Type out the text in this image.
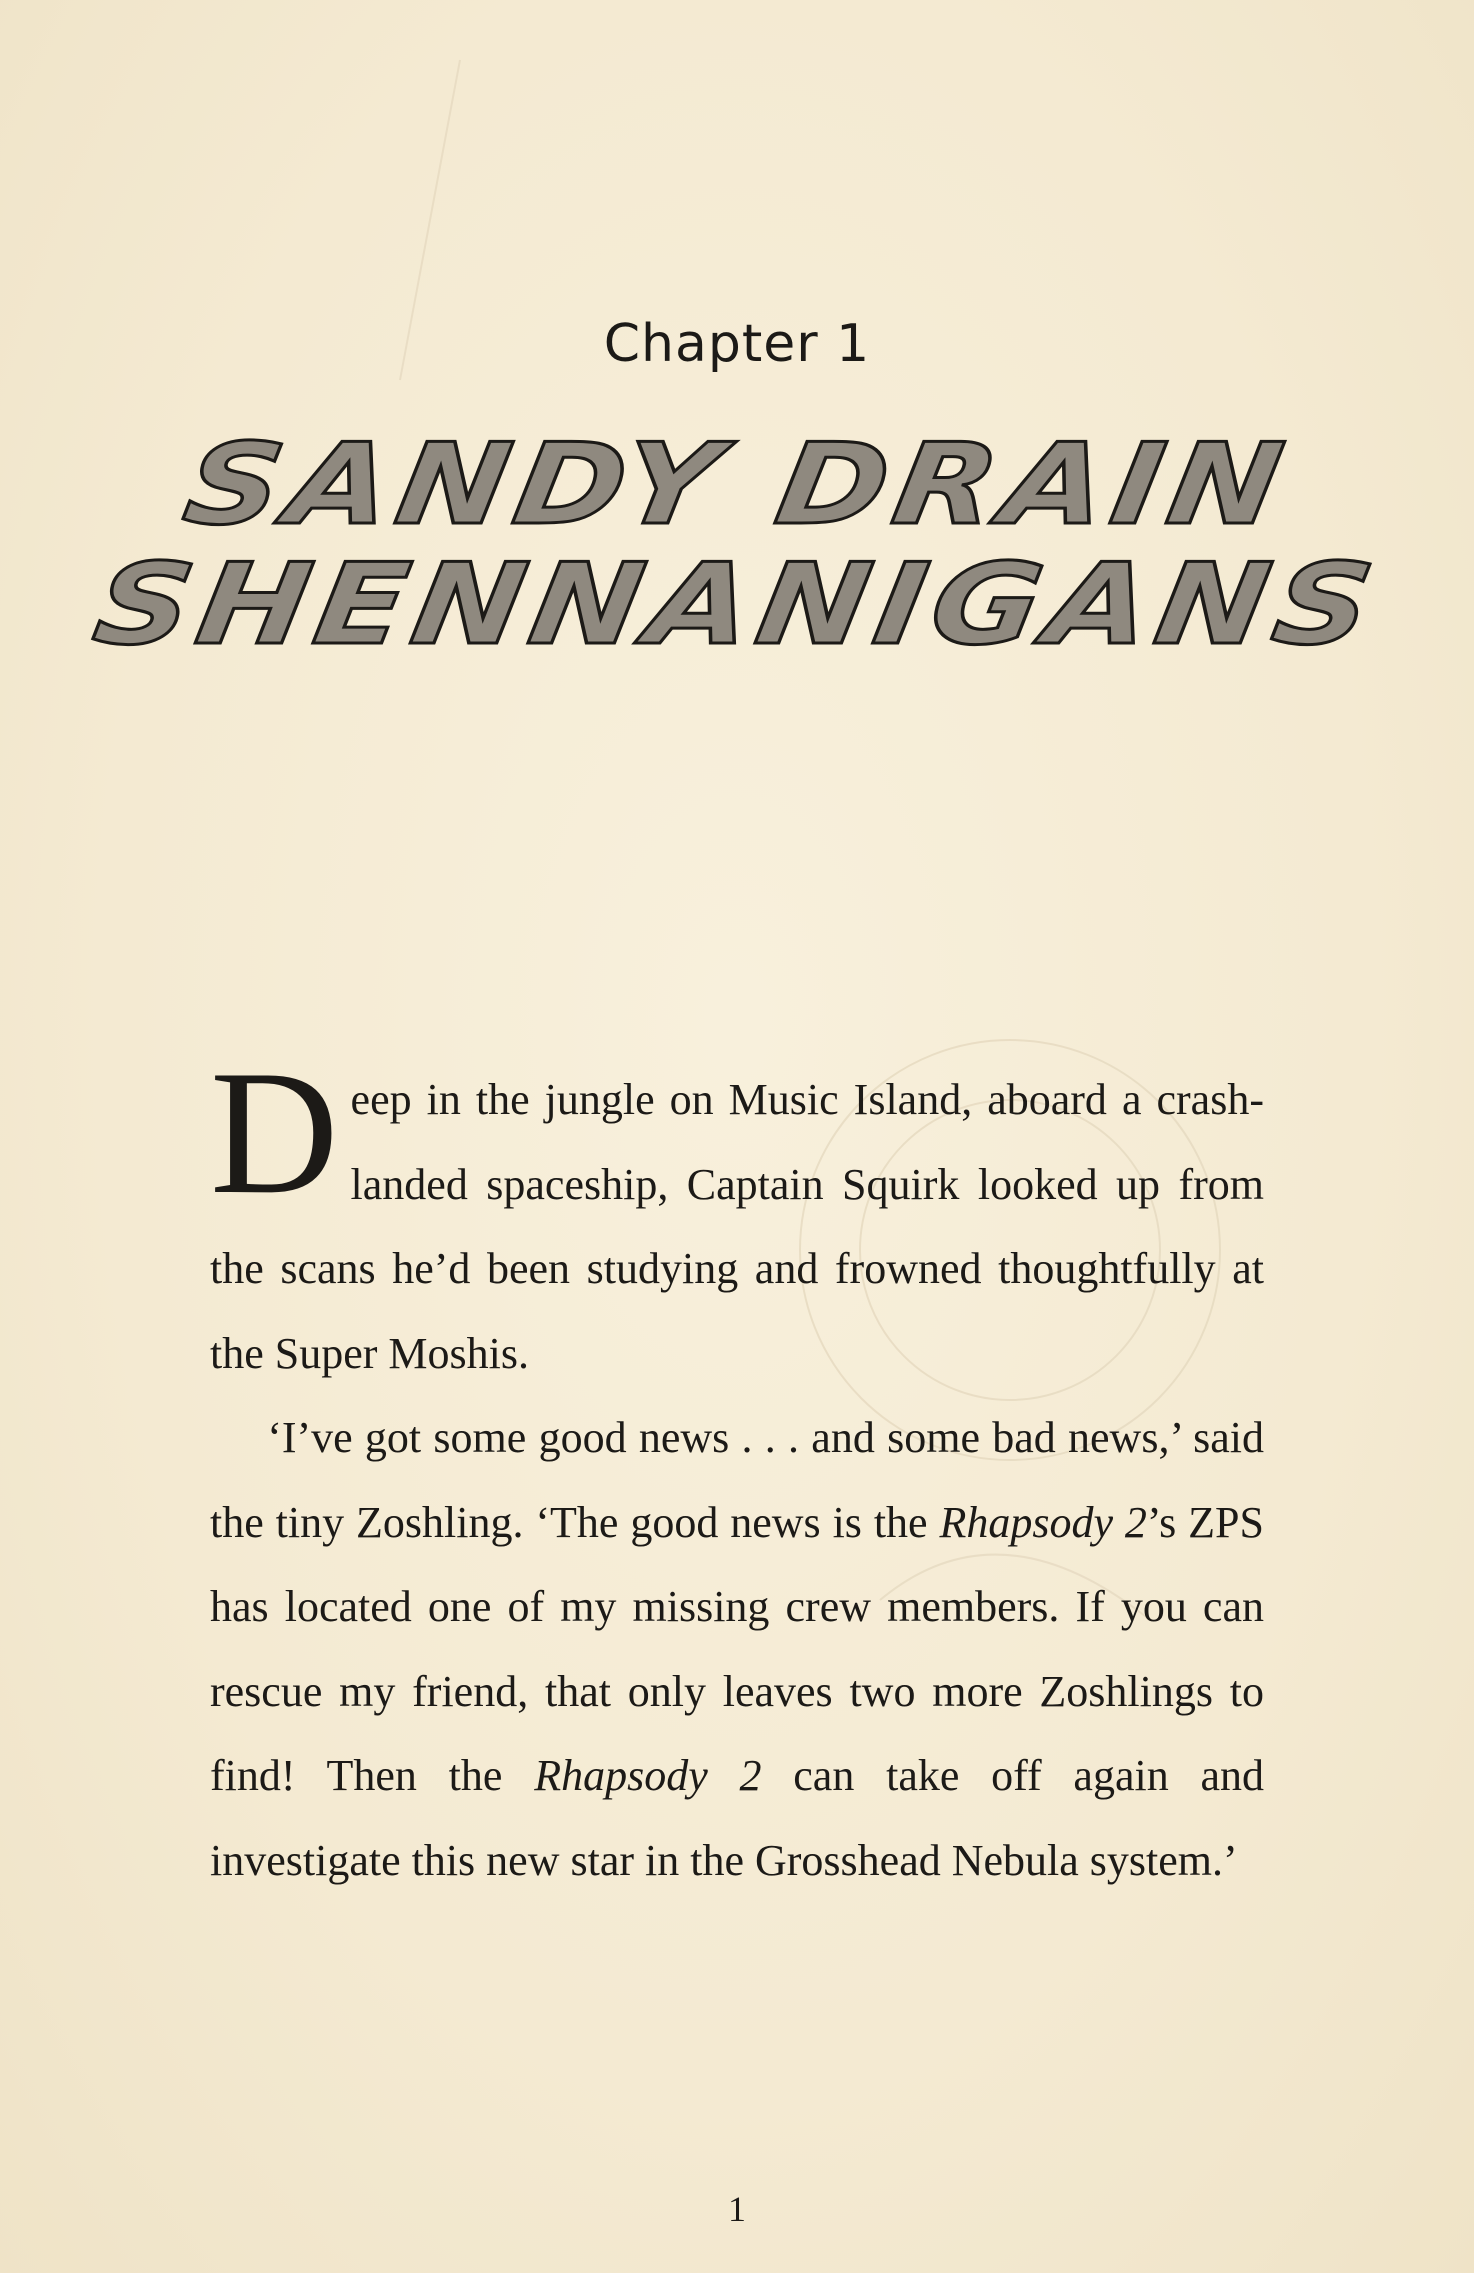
Chapter 1
SANDY DRAIN
SHENNANIGANS

Deep in the jungle on Music Island, aboard a crash-landed spaceship, Captain Squirk looked up from the scans he’d been studying and frowned thoughtfully at the Super Moshis.

‘I’ve got some good news . . . and some bad news,’ said the tiny Zoshling. ‘The good news is the Rhapsody 2’s ZPS has located one of my missing crew members. If you can rescue my friend, that only leaves two more Zoshlings to find! Then the Rhapsody 2 can take off again and investigate this new star in the Grosshead Nebula system.’

1
